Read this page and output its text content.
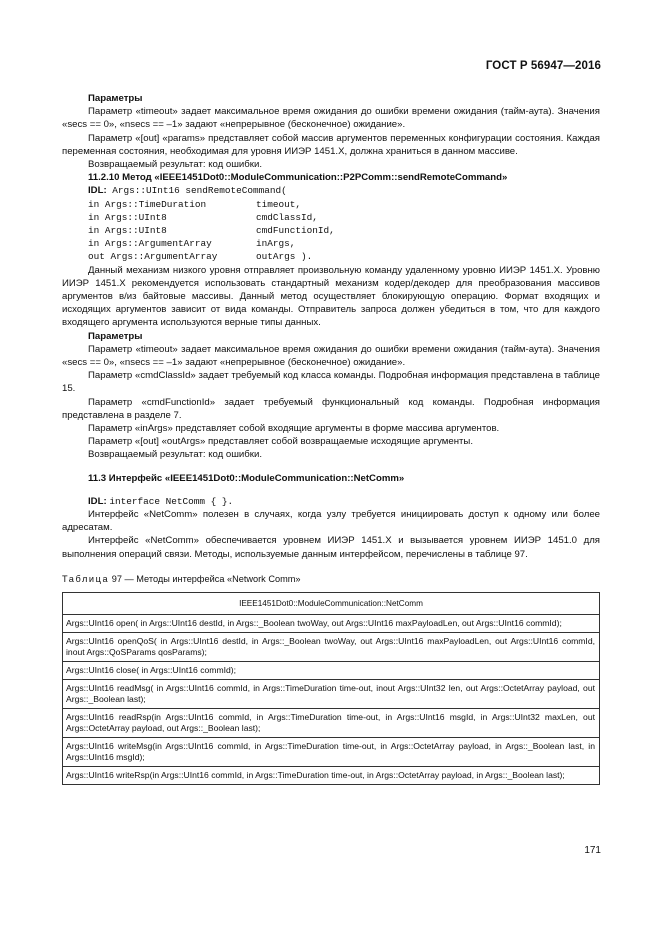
ГОСТ Р 56947—2016

Параметры

Параметр «timeout» задает максимальное время ожидания до ошибки времени ожидания (тайм-аута). Значения «secs == 0», «nsecs == –1» задают «непрерывное (бесконечное) ожидание».

Параметр «[out] «params» представляет собой массив аргументов переменных конфигурации состояния. Каждая переменная состояния, необходимая для уровня ИИЭР 1451.X, должна храниться в данном массиве.

Возвращаемый результат: код ошибки.

11.2.10 Метод «IEEE1451Dot0::ModuleCommunication::P2PComm::sendRemoteCommand»

IDL: Args::UInt16 sendRemoteCommand(
in Args::TimeDuration	timeout,
in Args::UInt8	cmdClassId,
in Args::UInt8	cmdFunctionId,
in Args::ArgumentArray	inArgs,
out Args::ArgumentArray	outArgs ).

Данный механизм низкого уровня отправляет произвольную команду удаленному уровню ИИЭР 1451.X. Уровню ИИЭР 1451.X рекомендуется использовать стандартный механизм кодер/декодер для преобразования массивов аргументов в/из байтовые массивы. Данный метод осуществляет блокирующую операцию. Формат входящих и исходящих аргументов зависит от вида команды. Отправитель запроса должен убедиться в том, что для каждого входящего аргумента используются верные типы данных.

Параметры

Параметр «timeout» задает максимальное время ожидания до ошибки времени ожидания (тайм-аута). Значения «secs == 0», «nsecs == –1» задают «непрерывное (бесконечное) ожидание».

Параметр «cmdClassId» задает требуемый код класса команды. Подробная информация представлена в таблице 15.

Параметр «cmdFunctionId» задает требуемый функциональный код команды. Подробная информация представлена в разделе 7.

Параметр «inArgs» представляет собой входящие аргументы в форме массива аргументов.

Параметр «[out] «outArgs» представляет собой возвращаемые исходящие аргументы.

Возвращаемый результат: код ошибки.

11.3 Интерфейс «IEEE1451Dot0::ModuleCommunication::NetComm»

IDL: interface NetComm { }.

Интерфейс «NetComm» полезен в случаях, когда узлу требуется инициировать доступ к одному или более адресатам.

Интерфейс «NetComm» обеспечивается уровнем ИИЭР 1451.X и вызывается уровнем ИИЭР 1451.0 для выполнения операций связи. Методы, используемые данным интерфейсом, перечислены в таблице 97.

Таблица 97 — Методы интерфейса «Network Comm»
IEEE1451Dot0::ModuleCommunication::NetComm
Args::UInt16 open( in Args::UInt16 destId, in Args::_Boolean twoWay, out Args::UInt16 maxPayloadLen, out Args::UInt16 commId);
Args::UInt16 openQoS( in Args::UInt16 destId, in Args::_Boolean twoWay, out Args::UInt16 maxPayloadLen, out Args::UInt16 commId, inout Args::QoSParams qosParams);
Args::UInt16 close( in Args::UInt16 commId);
Args::UInt16 readMsg( in Args::UInt16 commId, in Args::TimeDuration time-out, inout Args::UInt32 len, out Args::OctetArray payload, out Args::_Boolean last);
Args::UInt16 readRsp(in Args::UInt16 commId, in Args::TimeDuration time-out, in Args::UInt16 msgId, in Args::UInt32 maxLen, out Args::OctetArray payload, out Args::_Boolean last);
Args::UInt16 writeMsg(in Args::UInt16 commId, in Args::TimeDuration time-out, in Args::OctetArray payload, in Args::_Boolean last, in Args::UInt16 msgId);
Args::UInt16 writeRsp(in Args::UInt16 commId, in Args::TimeDuration time-out, in Args::OctetArray payload, in Args::_Boolean last);
171
